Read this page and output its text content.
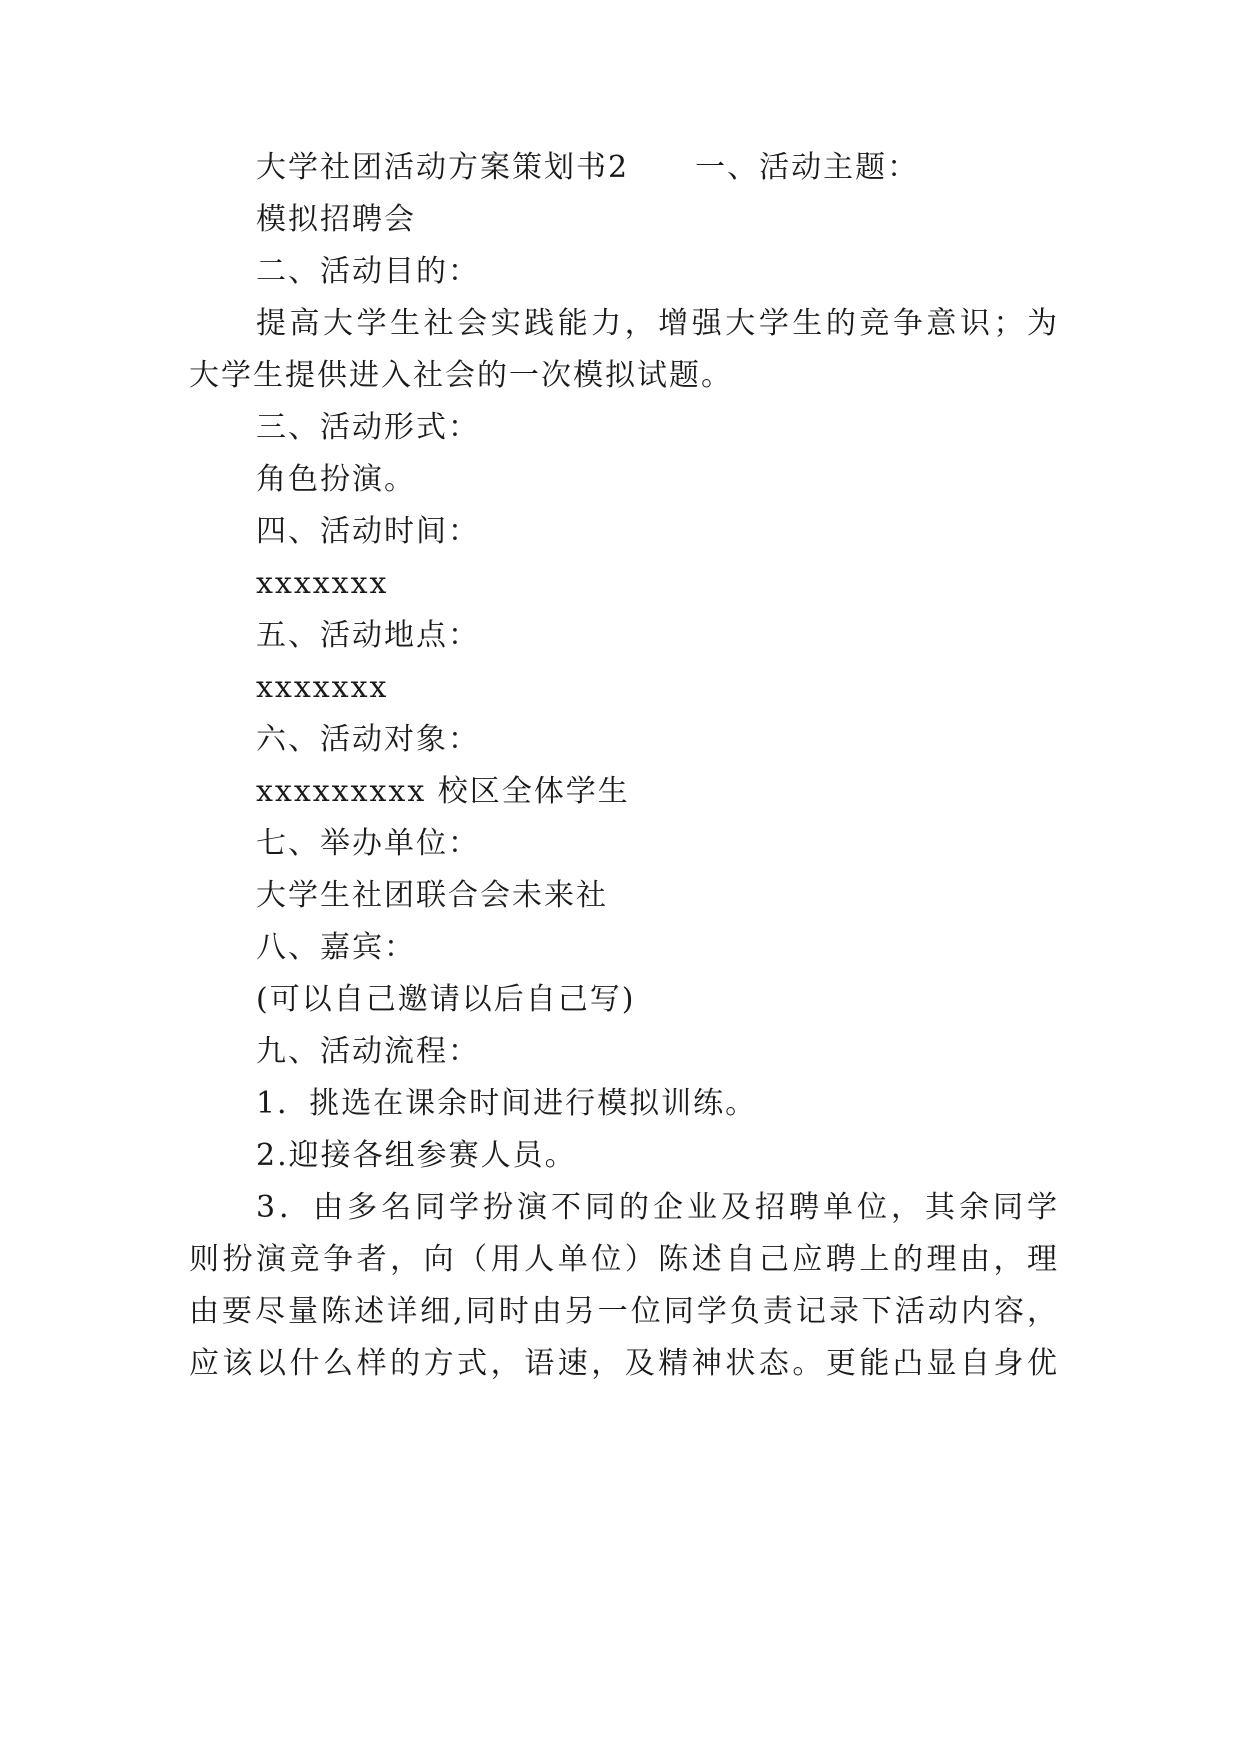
大学社团活动方案策划书2 一、活动主题：
模拟招聘会
二、活动目的：
提高大学生社会实践能力，增强大学生的竞争意识；为
大学生提供进入社会的一次模拟试题。
三、活动形式：
角色扮演。
四、活动时间：
xxxxxxx
五、活动地点：
xxxxxxx
六、活动对象：
xxxxxxxxx 校区全体学生
七、举办单位：
大学生社团联合会未来社
八、嘉宾：
(可以自己邀请以后自己写)
九、活动流程：
1．挑选在课余时间进行模拟训练。
2.迎接各组参赛人员。
3．由多名同学扮演不同的企业及招聘单位，其余同学
则扮演竞争者，向（用人单位）陈述自己应聘上的理由，理
由要尽量陈述详细,同时由另一位同学负责记录下活动内容，
应该以什么样的方式，语速，及精神状态。更能凸显自身优
